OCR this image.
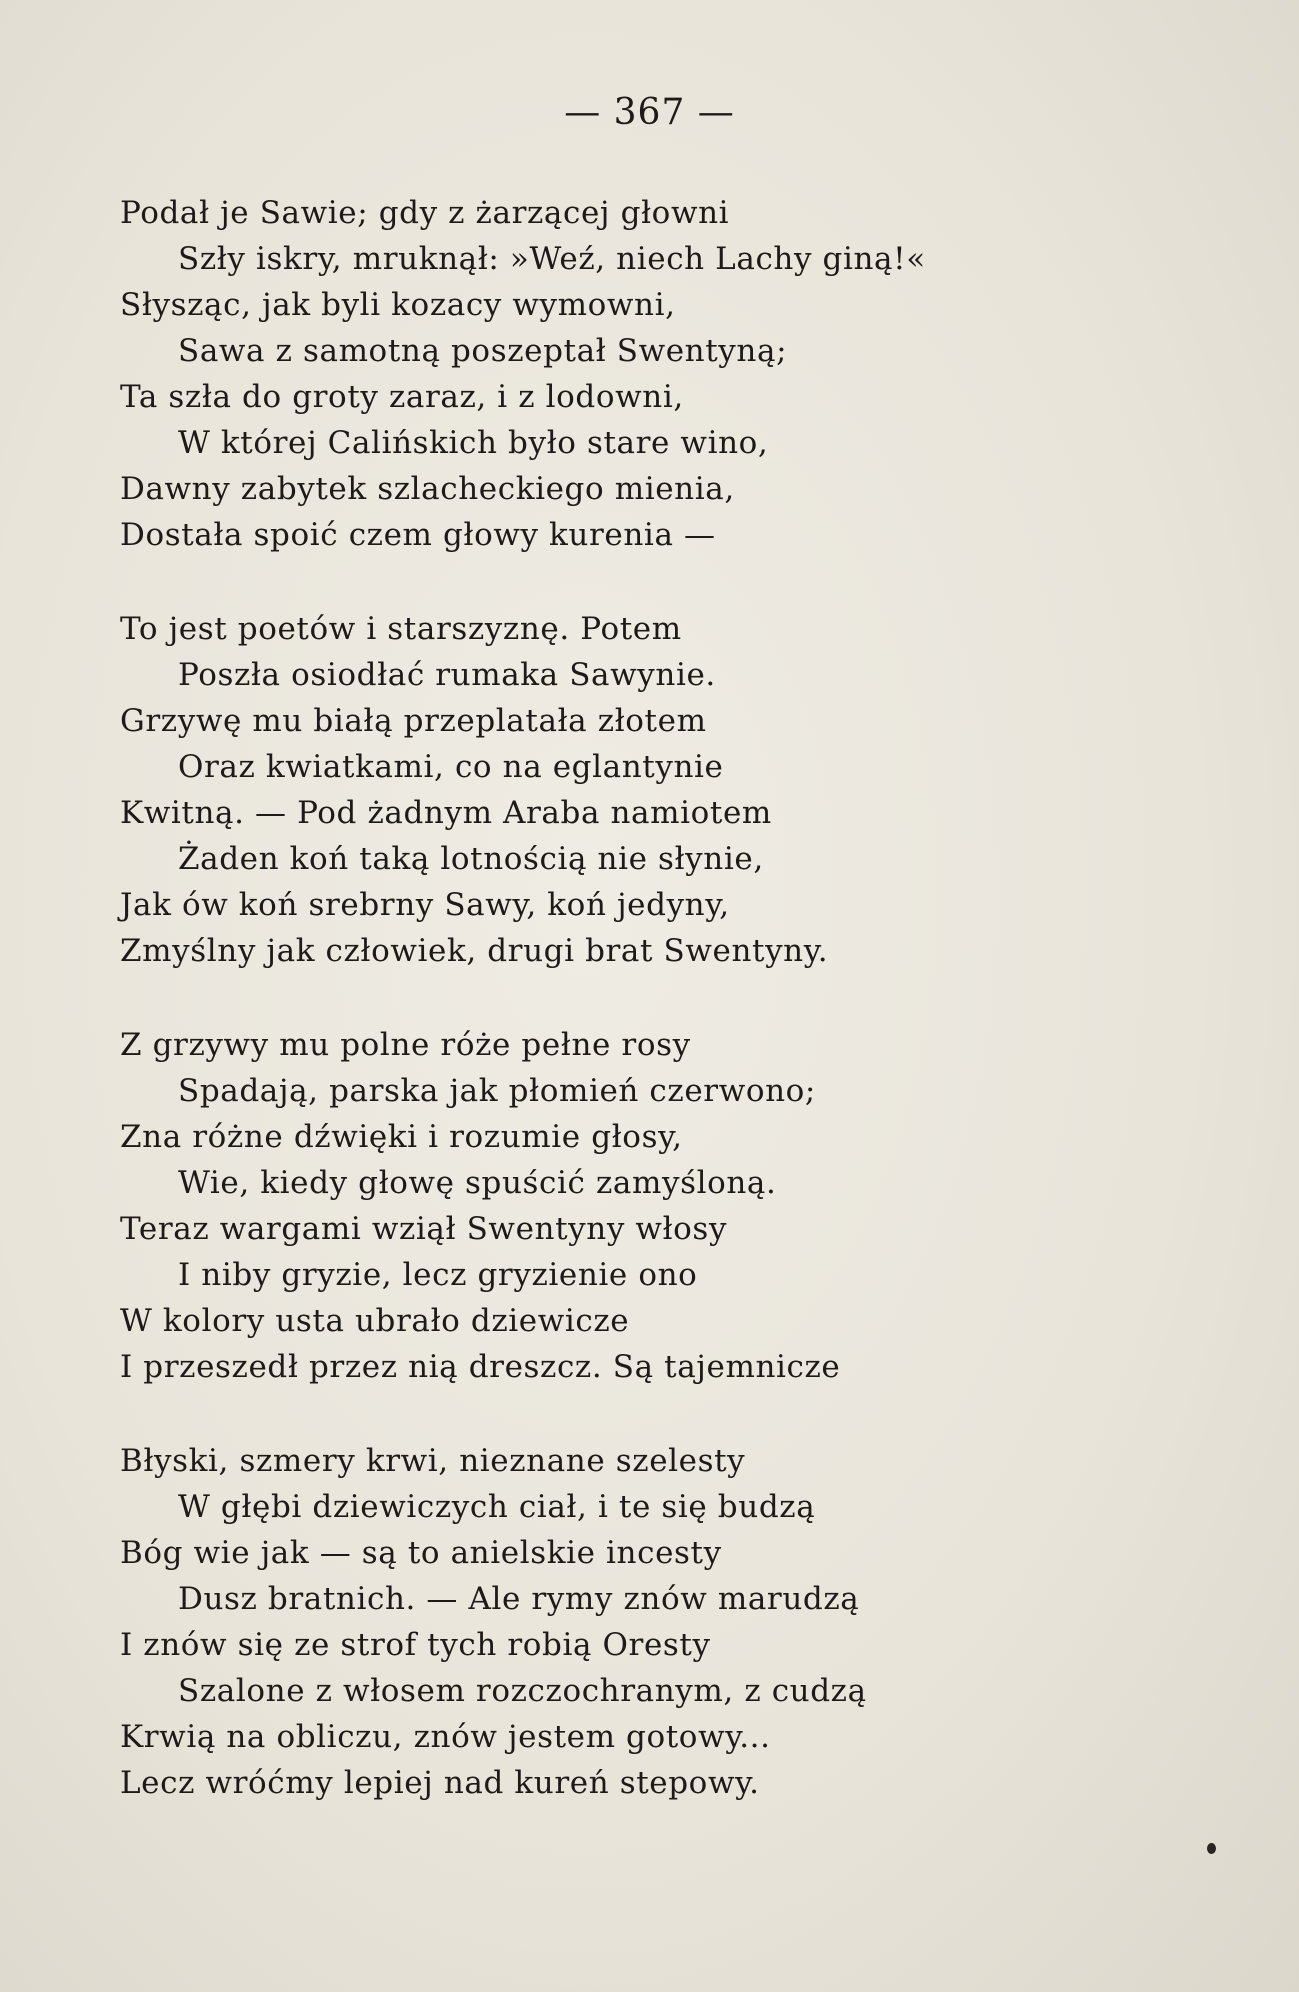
— 367 —
Podał je Sawie; gdy z żarzącej głowni
Szły iskry, mruknął: »Weź, niech Lachy giną!«
Słysząc, jak byli kozacy wymowni,
Sawa z samotną poszeptał Swentyną;
Ta szła do groty zaraz, i z lodowni,
W której Calińskich było stare wino,
Dawny zabytek szlacheckiego mienia,
Dostała spoić czem głowy kurenia —
To jest poetów i starszyznę. Potem
Poszła osiodłać rumaka Sawynie.
Grzywę mu białą przeplatała złotem
Oraz kwiatkami, co na eglantynie
Kwitną. — Pod żadnym Araba namiotem
Żaden koń taką lotnością nie słynie,
Jak ów koń srebrny Sawy, koń jedyny,
Zmyślny jak człowiek, drugi brat Swentyny.
Z grzywy mu polne róże pełne rosy
Spadają, parska jak płomień czerwono;
Zna różne dźwięki i rozumie głosy,
Wie, kiedy głowę spuścić zamyśloną.
Teraz wargami wziął Swentyny włosy
I niby gryzie, lecz gryzienie ono
W kolory usta ubrało dziewicze
I przeszedł przez nią dreszcz. Są tajemnicze
Błyski, szmery krwi, nieznane szelesty
W głębi dziewiczych ciał, i te się budzą
Bóg wie jak — są to anielskie incesty
Dusz bratnich. — Ale rymy znów marudzą
I znów się ze strof tych robią Oresty
Szalone z włosem rozczochranym, z cudzą
Krwią na obliczu, znów jestem gotowy...
Lecz wróćmy lepiej nad kureń stepowy.
